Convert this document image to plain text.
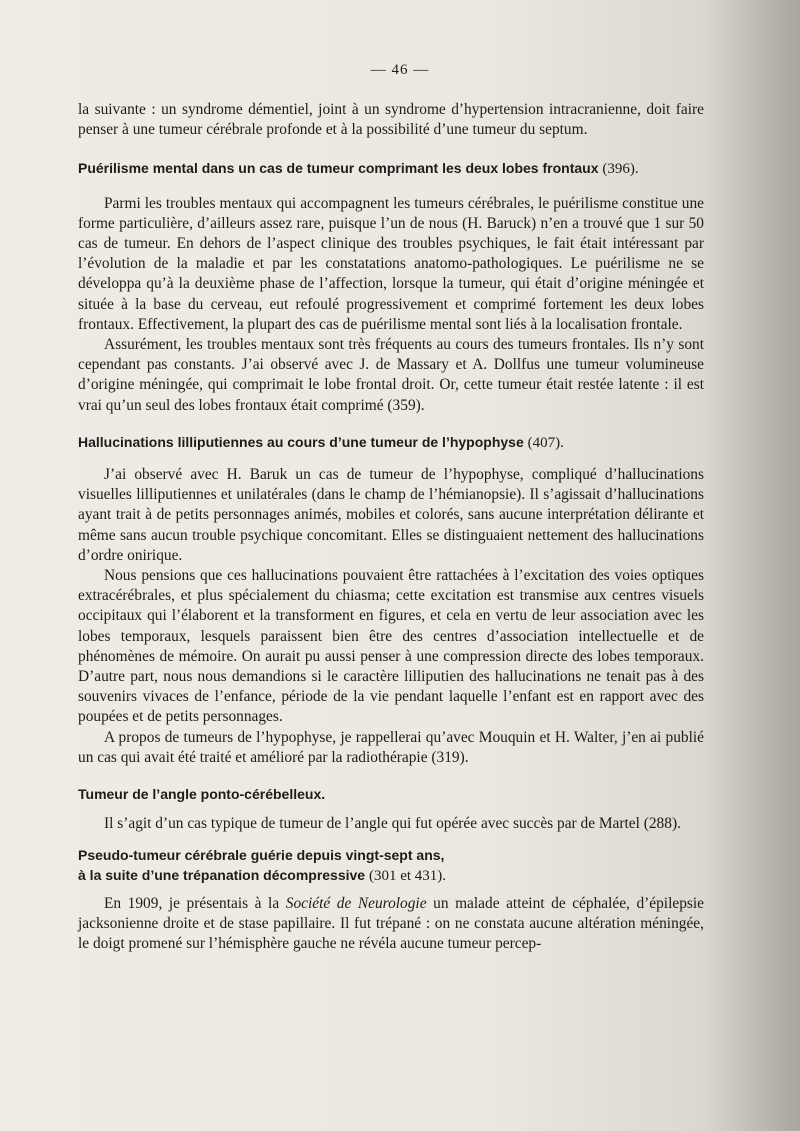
— 46 —

la suivante : un syndrome démentiel, joint à un syndrome d’hypertension intracranienne, doit faire penser à une tumeur cérébrale profonde et à la possibilité d’une tumeur du septum.

Puérilisme mental dans un cas de tumeur comprimant les deux lobes frontaux (396).

Parmi les troubles mentaux qui accompagnent les tumeurs cérébrales, le puérilisme constitue une forme particulière, d’ailleurs assez rare, puisque l’un de nous (H. Baruck) n’en a trouvé que 1 sur 50 cas de tumeur. En dehors de l’aspect clinique des troubles psychiques, le fait était intéressant par l’évolution de la maladie et par les constatations anatomo-pathologiques. Le puérilisme ne se développa qu’à la deuxième phase de l’affection, lorsque la tumeur, qui était d’origine méningée et située à la base du cerveau, eut refoulé progressivement et comprimé fortement les deux lobes frontaux. Effectivement, la plupart des cas de puérilisme mental sont liés à la localisation frontale.

Assurément, les troubles mentaux sont très fréquents au cours des tumeurs frontales. Ils n’y sont cependant pas constants. J’ai observé avec J. de Massary et A. Dollfus une tumeur volumineuse d’origine méningée, qui comprimait le lobe frontal droit. Or, cette tumeur était restée latente : il est vrai qu’un seul des lobes frontaux était comprimé (359).

Hallucinations lilliputiennes au cours d’une tumeur de l’hypophyse (407).

J’ai observé avec H. Baruk un cas de tumeur de l’hypophyse, compliqué d’hallucinations visuelles lilliputiennes et unilatérales (dans le champ de l’hémianopsie). Il s’agissait d’hallucinations ayant trait à de petits personnages animés, mobiles et colorés, sans aucune interprétation délirante et même sans aucun trouble psychique concomitant. Elles se distinguaient nettement des hallucinations d’ordre onirique.

Nous pensions que ces hallucinations pouvaient être rattachées à l’excitation des voies optiques extracérébrales, et plus spécialement du chiasma; cette excitation est transmise aux centres visuels occipitaux qui l’élaborent et la transforment en figures, et cela en vertu de leur association avec les lobes temporaux, lesquels paraissent bien être des centres d’association intellectuelle et de phénomènes de mémoire. On aurait pu aussi penser à une compression directe des lobes temporaux. D’autre part, nous nous demandions si le caractère lilliputien des hallucinations ne tenait pas à des souvenirs vivaces de l’enfance, période de la vie pendant laquelle l’enfant est en rapport avec des poupées et de petits personnages.

A propos de tumeurs de l’hypophyse, je rappellerai qu’avec Mouquin et H. Walter, j’en ai publié un cas qui avait été traité et amélioré par la radiothérapie (319).

Tumeur de l’angle ponto-cérébelleux.

Il s’agit d’un cas typique de tumeur de l’angle qui fut opérée avec succès par de Martel (288).

Pseudo-tumeur cérébrale guérie depuis vingt-sept ans,

à la suite d’une trépanation décompressive (301 et 431).

En 1909, je présentais à la Société de Neurologie un malade atteint de céphalée, d’épilepsie jacksonienne droite et de stase papillaire. Il fut trépané : on ne constata aucune altération méningée, le doigt promené sur l’hémisphère gauche ne révéla aucune tumeur percep-
